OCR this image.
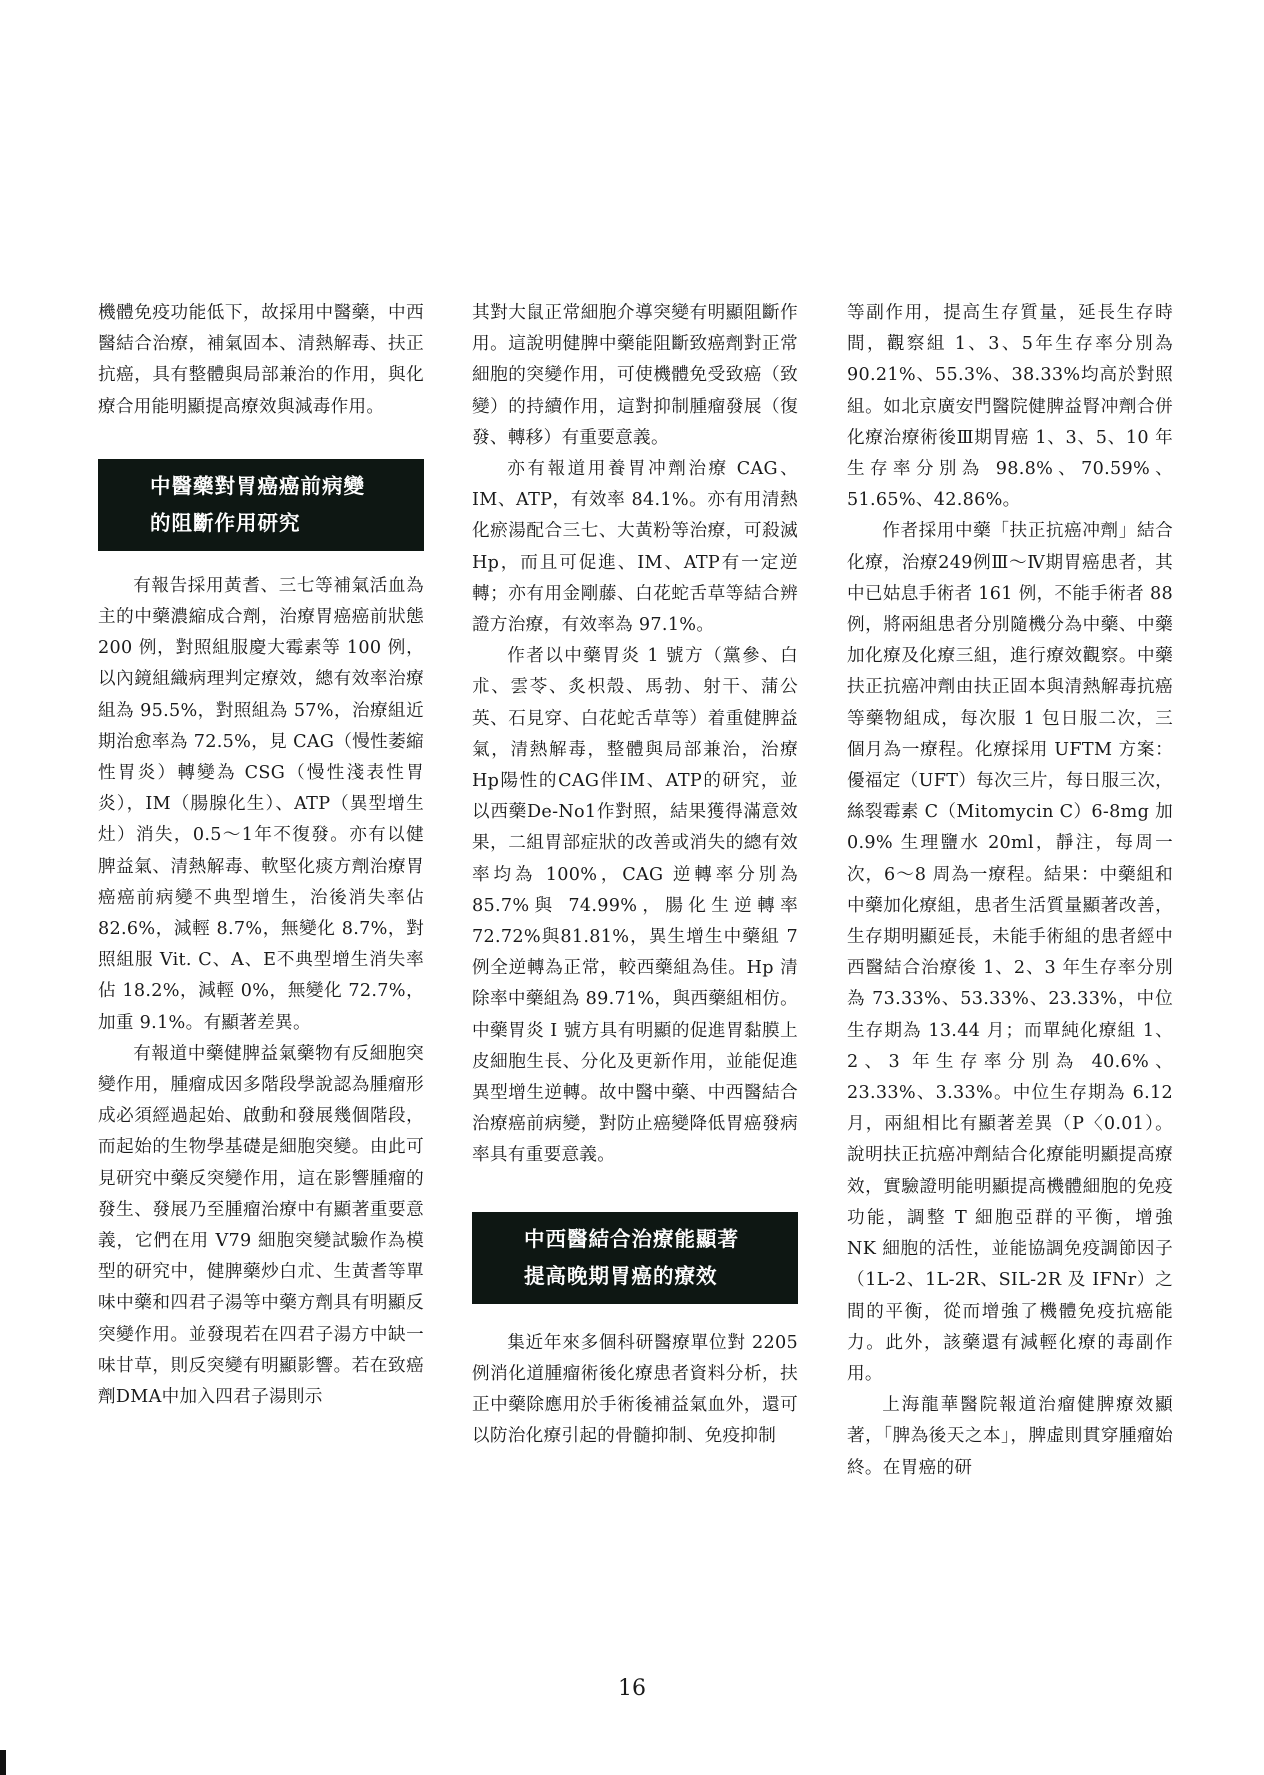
機體免疫功能低下，故採用中醫藥，中西醫結合治療，補氣固本、清熱解毒、扶正抗癌，具有整體與局部兼治的作用，與化療合用能明顯提高療效與減毒作用。

中醫藥對胃癌癌前病變
的阻斷作用研究

有報告採用黃耆、三七等補氣活血為主的中藥濃縮成合劑，治療胃癌癌前狀態 200 例，對照組服慶大霉素等 100 例，以內鏡組織病理判定療效，總有效率治療組為 95.5%，對照組為 57%，治療組近期治愈率為 72.5%，見 CAG（慢性萎縮性胃炎）轉變為 CSG（慢性淺表性胃炎），IM（腸腺化生）、ATP（異型增生灶）消失，0.5～1年不復發。亦有以健脾益氣、清熱解毒、軟堅化痰方劑治療胃癌癌前病變不典型增生，治後消失率佔 82.6%，減輕 8.7%，無變化 8.7%，對照組服 Vit. C、A、E不典型增生消失率佔 18.2%，減輕 0%，無變化 72.7%，加重 9.1%。有顯著差異。

有報道中藥健脾益氣藥物有反細胞突變作用，腫瘤成因多階段學說認為腫瘤形成必須經過起始、啟動和發展幾個階段，而起始的生物學基礎是細胞突變。由此可見研究中藥反突變作用，這在影響腫瘤的發生、發展乃至腫瘤治療中有顯著重要意義，它們在用 V79 細胞突變試驗作為模型的研究中，健脾藥炒白朮、生黃耆等單味中藥和四君子湯等中藥方劑具有明顯反突變作用。並發現若在四君子湯方中缺一味甘草，則反突變有明顯影響。若在致癌劑DMA中加入四君子湯則示

其對大鼠正常細胞介導突變有明顯阻斷作用。這說明健脾中藥能阻斷致癌劑對正常細胞的突變作用，可使機體免受致癌（致變）的持續作用，這對抑制腫瘤發展（復發、轉移）有重要意義。

亦有報道用養胃冲劑治療 CAG、IM、ATP，有效率 84.1%。亦有用清熱化瘀湯配合三七、大黃粉等治療，可殺滅 Hp，而且可促進、IM、ATP有一定逆轉；亦有用金剛藤、白花蛇舌草等結合辨證方治療，有效率為 97.1%。

作者以中藥胃炎 1 號方（黨參、白朮、雲苓、炙枳殼、馬勃、射干、蒲公英、石見穿、白花蛇舌草等）着重健脾益氣，清熱解毒，整體與局部兼治，治療Hp陽性的CAG伴IM、ATP的研究，並以西藥De-No1作對照，結果獲得滿意效果，二組胃部症狀的改善或消失的總有效率均為 100%，CAG 逆轉率分別為 85.7%與 74.99%，腸化生逆轉率 72.72%與81.81%，異生增生中藥組 7 例全逆轉為正常，較西藥組為佳。Hp 清除率中藥組為 89.71%，與西藥組相仿。中藥胃炎 I 號方具有明顯的促進胃黏膜上皮細胞生長、分化及更新作用，並能促進異型增生逆轉。故中醫中藥、中西醫結合治療癌前病變，對防止癌變降低胃癌發病率具有重要意義。

中西醫結合治療能顯著
提高晚期胃癌的療效

集近年來多個科研醫療單位對 2205 例消化道腫瘤術後化療患者資料分析，扶正中藥除應用於手術後補益氣血外，還可以防治化療引起的骨髓抑制、免疫抑制

等副作用，提高生存質量，延長生存時間，觀察組 1、3、5年生存率分別為 90.21%、55.3%、38.33%均高於對照組。如北京廣安門醫院健脾益腎冲劑合併化療治療術後Ⅲ期胃癌 1、3、5、10 年生存率分別為 98.8%、70.59%、51.65%、42.86%。

作者採用中藥「扶正抗癌冲劑」結合化療，治療249例Ⅲ～Ⅳ期胃癌患者，其中已姑息手術者 161 例，不能手術者 88 例，將兩組患者分別隨機分為中藥、中藥加化療及化療三組，進行療效觀察。中藥扶正抗癌冲劑由扶正固本與清熱解毒抗癌等藥物組成，每次服 1 包日服二次，三個月為一療程。化療採用 UFTM 方案：優福定（UFT）每次三片，每日服三次，絲裂霉素 C（Mitomycin C）6-8mg 加 0.9% 生理鹽水 20ml，靜注，每周一次，6～8 周為一療程。結果：中藥組和中藥加化療組，患者生活質量顯著改善，生存期明顯延長，未能手術組的患者經中西醫結合治療後 1、2、3 年生存率分別為 73.33%、53.33%、23.33%，中位生存期為 13.44 月；而單純化療組 1、2、3 年生存率分別為 40.6%、23.33%、3.33%。中位生存期為 6.12 月，兩組相比有顯著差異（P〈0.01）。說明扶正抗癌冲劑結合化療能明顯提高療效，實驗證明能明顯提高機體細胞的免疫功能，調整 T 細胞亞群的平衡，增強 NK 細胞的活性，並能協調免疫調節因子（1L-2、1L-2R、SIL-2R 及 IFNr）之間的平衡，從而增強了機體免疫抗癌能力。此外，該藥還有減輕化療的毒副作用。

上海龍華醫院報道治瘤健脾療效顯著，「脾為後天之本」，脾虛則貫穿腫瘤始終。在胃癌的研

16
